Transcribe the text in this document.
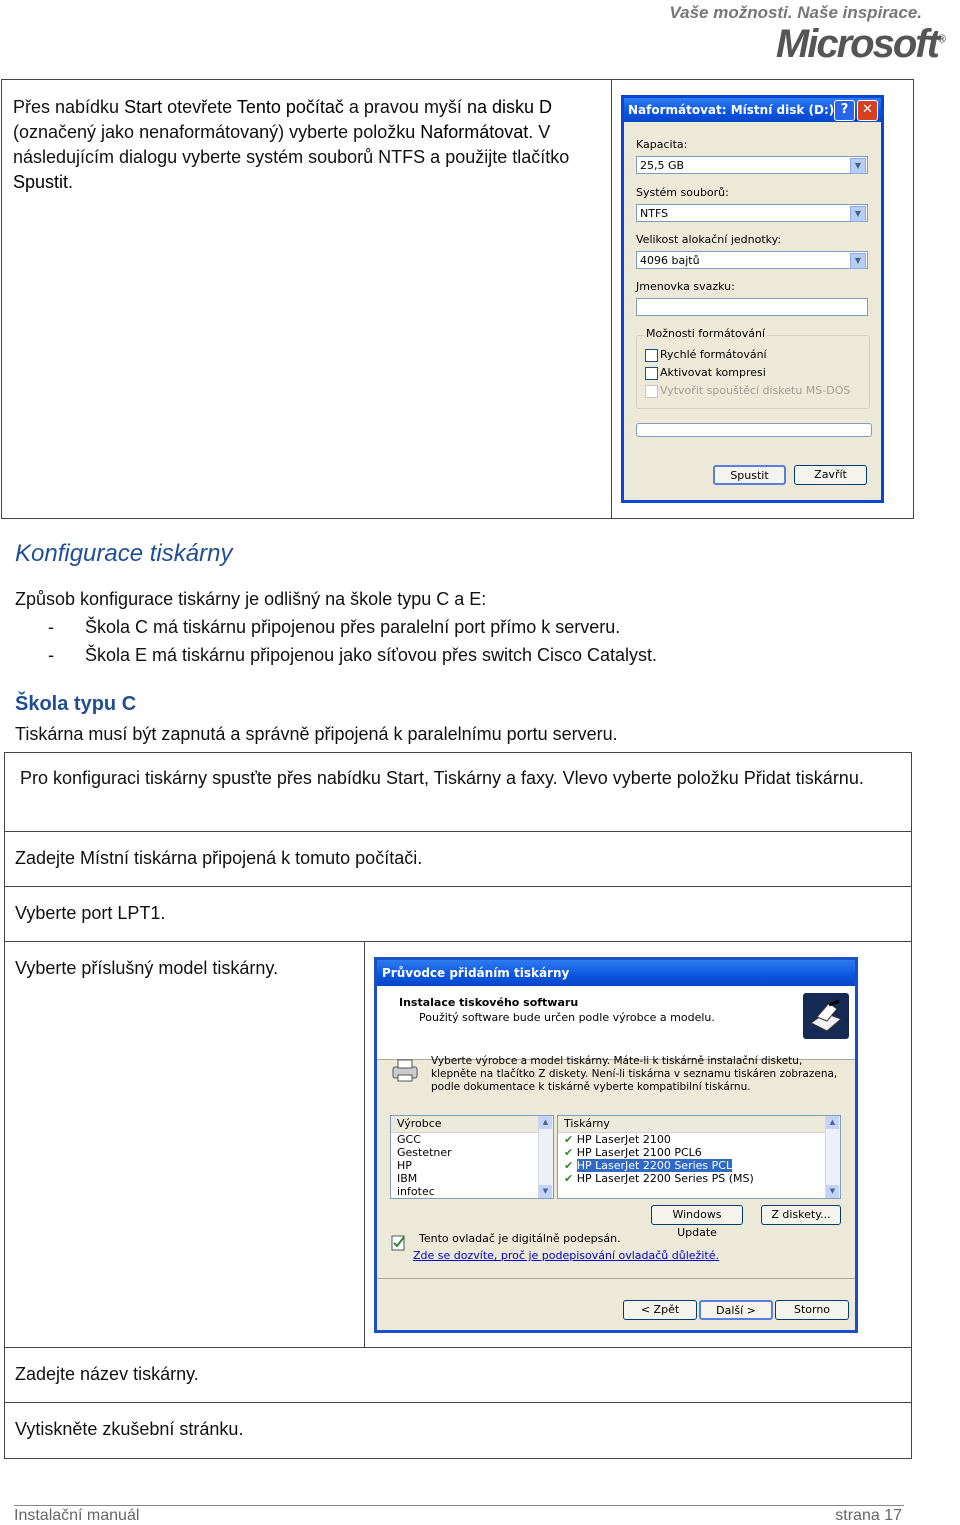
Vaše možnosti. Naše inspirace.
Microsoft®
Přes nabídku Start otevřete Tento počítač a pravou myší na disku D (označený jako nenaformátovaný) vyberte položku Naformátovat. V následujícím dialogu vyberte systém souborů NTFS a použijte tlačítko Spustit.
Naformátovat: Místní disk (D:) ?	✕
Kapacita:
25,5 GB	▼
Systém souborů:
NTFS	▼
Velikost alokační jednotky:
4096 bajtů	▼
Jmenovka svazku:
Možnosti formátování
Rychlé formátování
Aktivovat kompresi
Vytvořit spouštěcí disketu MS-DOS
Spustit	Zavřít
Konfigurace tiskárny
Způsob konfigurace tiskárny je odlišný na škole typu C a E:
- Škola C má tiskárnu připojenou přes paralelní port přímo k serveru.
- Škola E má tiskárnu připojenou jako síťovou přes switch Cisco Catalyst.
Škola typu C
Tiskárna musí být zapnutá a správně připojená k paralelnímu portu serveru.
Pro konfiguraci tiskárny spusťte přes nabídku Start, Tiskárny a faxy. Vlevo vyberte položku Přidat tiskárnu.
Zadejte Místní tiskárna připojená k tomuto počítači.
Vyberte port LPT1.
Vyberte příslušný model tiskárny.	Průvodce přidáním tiskárny
Instalace tiskového softwaru
Použitý software bude určen podle výrobce a modelu.
Vyberte výrobce a model tiskárny. Máte-li k tiskárně instalační disketu, klepněte na tlačítko Z diskety. Není-li tiskárna v seznamu tiskáren zobrazena, podle dokumentace k tiskárně vyberte kompatibilní tiskárnu.
Výrobce
GCC
Gestetner
HP
IBM
infotec
▲
▼
Tiskárny
✔ HP LaserJet 2100
✔ HP LaserJet 2100 PCL6
✔ HP LaserJet 2200 Series PCL
✔ HP LaserJet 2200 Series PS (MS)
▲
▼
Windows Update
Z diskety...
Tento ovladač je digitálně podepsán.
Zde se dozvíte, proč je podepisování ovladačů důležité.
< Zpět	Další >	Storno
Zadejte název tiskárny.
Vytiskněte zkušební stránku.
Instalační manuál	strana 17
